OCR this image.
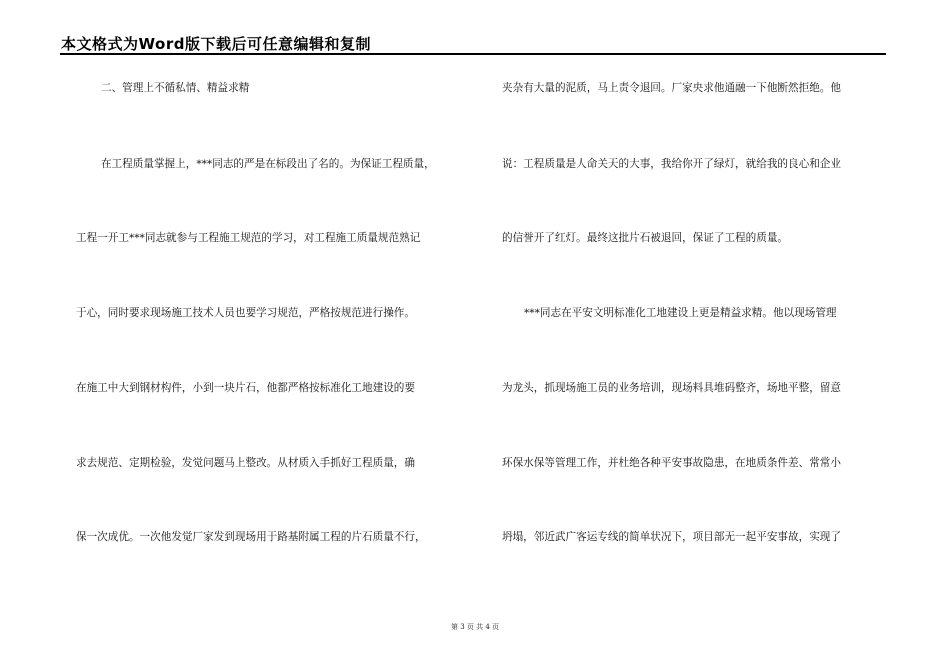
本文格式为Word版下载后可任意编辑和复制
二、管理上不循私情、精益求精
在工程质量掌握上，***同志的严是在标段出了名的。为保证工程质量，
工程一开工***同志就参与工程施工规范的学习，对工程施工质量规范熟记
于心，同时要求现场施工技术人员也要学习规范，严格按规范进行操作。
在施工中大到钢材构件，小到一块片石，他都严格按标准化工地建设的要
求去规范、定期检验，发觉问题马上整改。从材质入手抓好工程质量，确
保一次成优。一次他发觉厂家发到现场用于路基附属工程的片石质量不行，
夹杂有大量的泥质，马上责令退回。厂家央求他通融一下他断然拒绝。他
说：工程质量是人命关天的大事，我给你开了绿灯，就给我的良心和企业
的信誉开了红灯。最终这批片石被退回，保证了工程的质量。
***同志在平安文明标准化工地建设上更是精益求精。他以现场管理
为龙头，抓现场施工员的业务培训，现场料具堆码整齐，场地平整，留意
环保水保等管理工作，并杜绝各种平安事故隐患，在地质条件差、常常小
坍塌，邻近武广客运专线的简单状况下，项目部无一起平安事故，实现了
第 3 页 共 4 页
